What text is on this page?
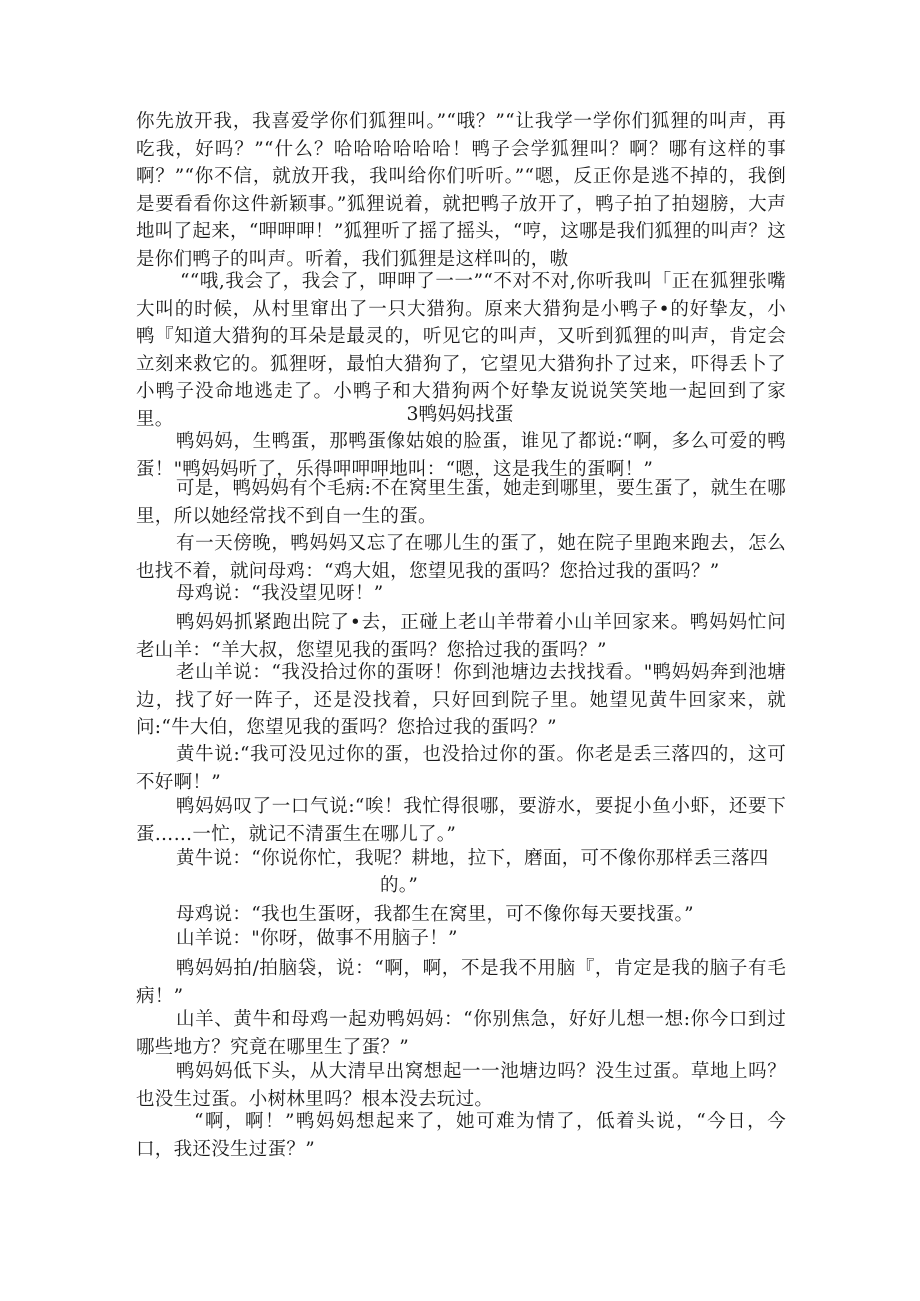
你先放开我，我喜爱学你们狐狸叫。”“哦？”“让我学一学你们狐狸的叫声，再吃我，好吗？”“什么？哈哈哈哈哈哈！鸭子会学狐狸叫？啊？哪有这样的事啊？”“你不信，就放开我，我叫给你们听听。”“嗯，反正你是逃不掉的，我倒是要看看你这件新颖事。”狐狸说着，就把鸭子放开了，鸭子拍了拍翅膀，大声地叫了起来，“呷呷呷！”狐狸听了摇了摇头，“哼，这哪是我们狐狸的叫声？这是你们鸭子的叫声。听着，我们狐狸是这样叫的，嗷

““哦,我会了，我会了，呷呷了一一”“不对不对,你听我叫「正在狐狸张嘴大叫的时候，从村里窜出了一只大猎狗。原来大猎狗是小鸭子•的好挚友，小鸭『知道大猎狗的耳朵是最灵的，听见它的叫声，又听到狐狸的叫声，肯定会立刻来救它的。狐狸呀，最怕大猎狗了，它望见大猎狗扑了过来，吓得丢卜了小鸭子没命地逃走了。小鸭子和大猎狗两个好挚友说说笑笑地一起回到了家里。	3鸭妈妈找蛋

鸭妈妈，生鸭蛋，那鸭蛋像姑娘的脸蛋，谁见了都说:“啊，多么可爱的鸭蛋！"鸭妈妈听了，乐得呷呷呷地叫：“嗯，这是我生的蛋啊！”

可是，鸭妈妈有个毛病:不在窝里生蛋，她走到哪里，要生蛋了，就生在哪里，所以她经常找不到自一生的蛋。

有一天傍晚，鸭妈妈又忘了在哪儿生的蛋了，她在院子里跑来跑去，怎么也找不着，就问母鸡：“鸡大姐，您望见我的蛋吗？您拾过我的蛋吗？”

母鸡说：“我没望见呀！”

鸭妈妈抓紧跑出院了•去，正碰上老山羊带着小山羊回家来。鸭妈妈忙问老山羊：“羊大叔，您望见我的蛋吗？您拾过我的蛋吗？”

老山羊说：“我没拾过你的蛋呀！你到池塘边去找找看。"鸭妈妈奔到池塘边，找了好一阵子，还是没找着，只好回到院子里。她望见黄牛回家来，就问:“牛大伯，您望见我的蛋吗？您拾过我的蛋吗？”

黄牛说:“我可没见过你的蛋，也没拾过你的蛋。你老是丢三落四的，这可不好啊！”

鸭妈妈叹了一口气说:“唉！我忙得很哪，要游水，要捉小鱼小虾，还要下蛋……一忙，就记不清蛋生在哪儿了。”

黄牛说：“你说你忙，我呢？耕地，拉下，磨面，可不像你那样丢三落四

的。”

母鸡说：“我也生蛋呀，我都生在窝里，可不像你每天要找蛋。”

山羊说："你呀，做事不用脑子！”

鸭妈妈拍/拍脑袋，说：“啊，啊，不是我不用脑『，肯定是我的脑子有毛病！”

山羊、黄牛和母鸡一起劝鸭妈妈：“你别焦急，好好儿想一想:你今口到过哪些地方？究竟在哪里生了蛋？”

鸭妈妈低下头，从大清早出窝想起一一池塘边吗？没生过蛋。草地上吗？也没生过蛋。小树林里吗？根本没去玩过。

“啊，啊！”鸭妈妈想起来了，她可难为情了，低着头说，“今日，今口，我还没生过蛋？”
